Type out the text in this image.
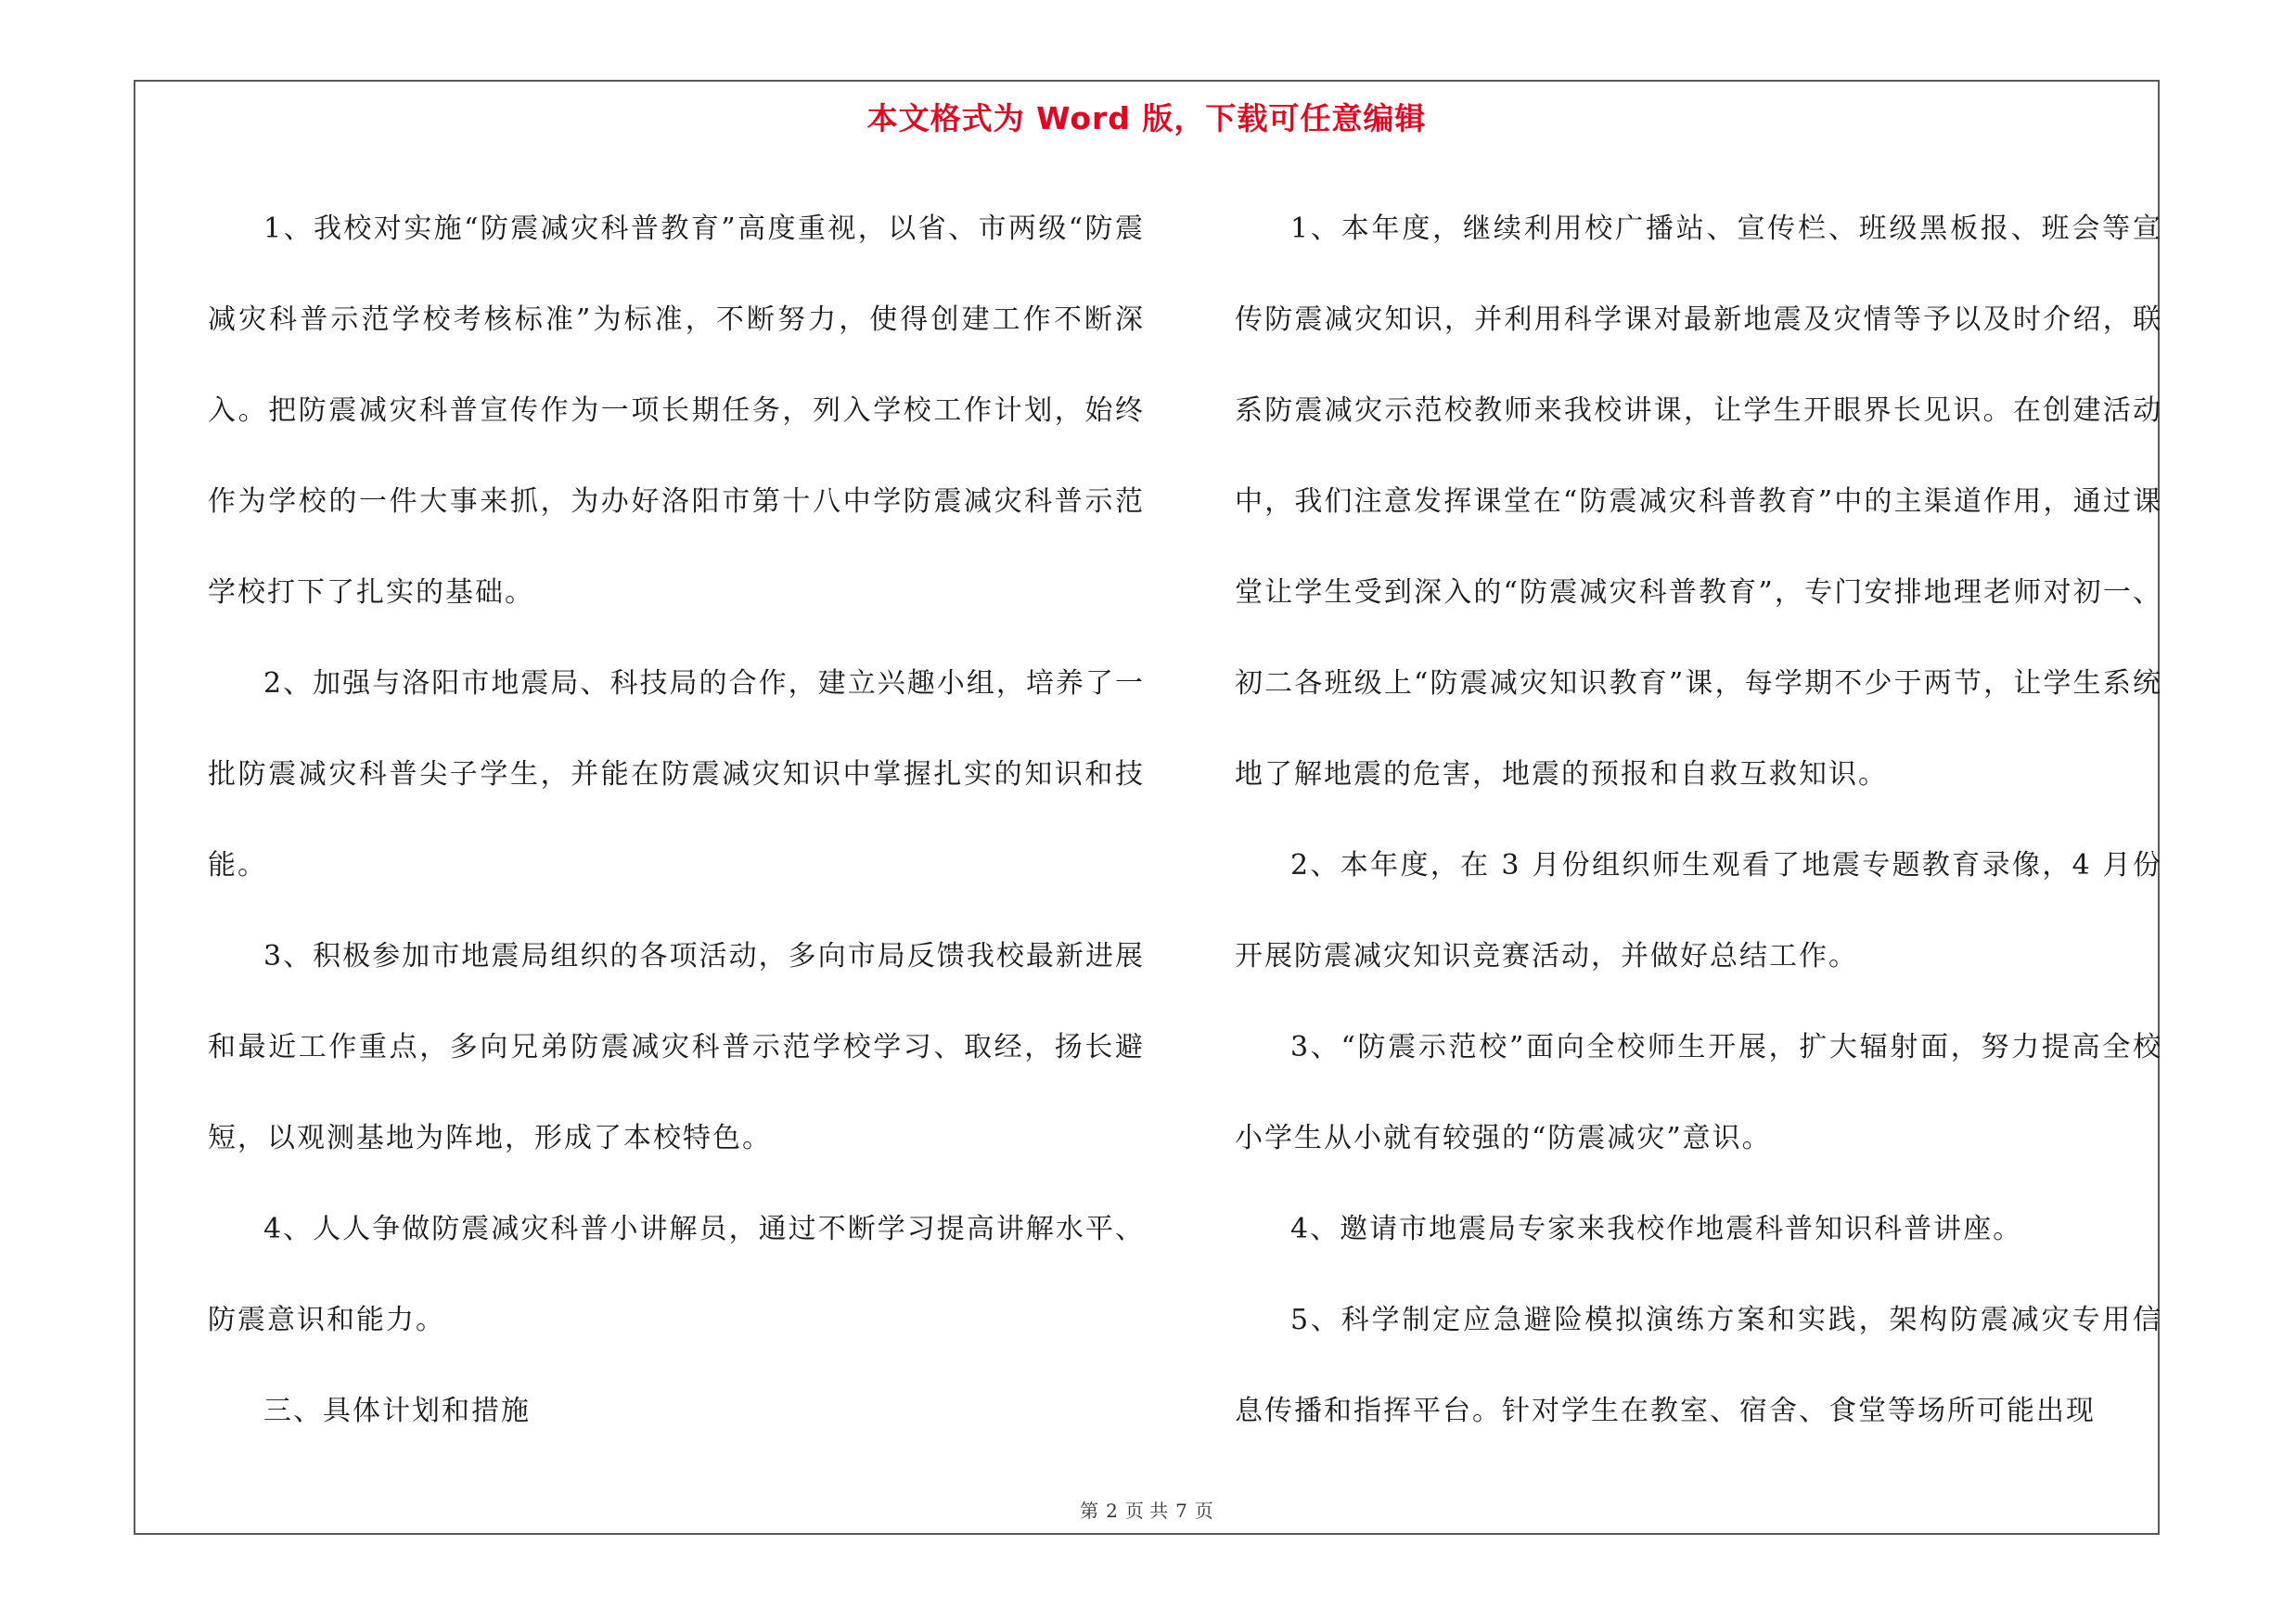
本文格式为 Word 版，下载可任意编辑

1、我校对实施“防震减灾科普教育”高度重视，以省、市两级“防震减灾科普示范学校考核标准”为标准，不断努力，使得创建工作不断深入。把防震减灾科普宣传作为一项长期任务，列入学校工作计划，始终作为学校的一件大事来抓，为办好洛阳市第十八中学防震减灾科普示范学校打下了扎实的基础。

2、加强与洛阳市地震局、科技局的合作，建立兴趣小组，培养了一批防震减灾科普尖子学生，并能在防震减灾知识中掌握扎实的知识和技能。

3、积极参加市地震局组织的各项活动，多向市局反馈我校最新进展和最近工作重点，多向兄弟防震减灾科普示范学校学习、取经，扬长避短，以观测基地为阵地，形成了本校特色。

4、人人争做防震减灾科普小讲解员，通过不断学习提高讲解水平、防震意识和能力。

三、具体计划和措施

1、本年度，继续利用校广播站、宣传栏、班级黑板报、班会等宣传防震减灾知识，并利用科学课对最新地震及灾情等予以及时介绍，联系防震减灾示范校教师来我校讲课，让学生开眼界长见识。在创建活动中，我们注意发挥课堂在“防震减灾科普教育”中的主渠道作用，通过课堂让学生受到深入的“防震减灾科普教育”，专门安排地理老师对初一、初二各班级上“防震减灾知识教育”课，每学期不少于两节，让学生系统地了解地震的危害，地震的预报和自救互救知识。

2、本年度，在 3 月份组织师生观看了地震专题教育录像，4 月份开展防震减灾知识竞赛活动，并做好总结工作。

3、“防震示范校”面向全校师生开展，扩大辐射面，努力提高全校小学生从小就有较强的“防震减灾”意识。

4、邀请市地震局专家来我校作地震科普知识科普讲座。

5、科学制定应急避险模拟演练方案和实践，架构防震减灾专用信息传播和指挥平台。针对学生在教室、宿舍、食堂等场所可能出现

第 2 页 共 7 页
